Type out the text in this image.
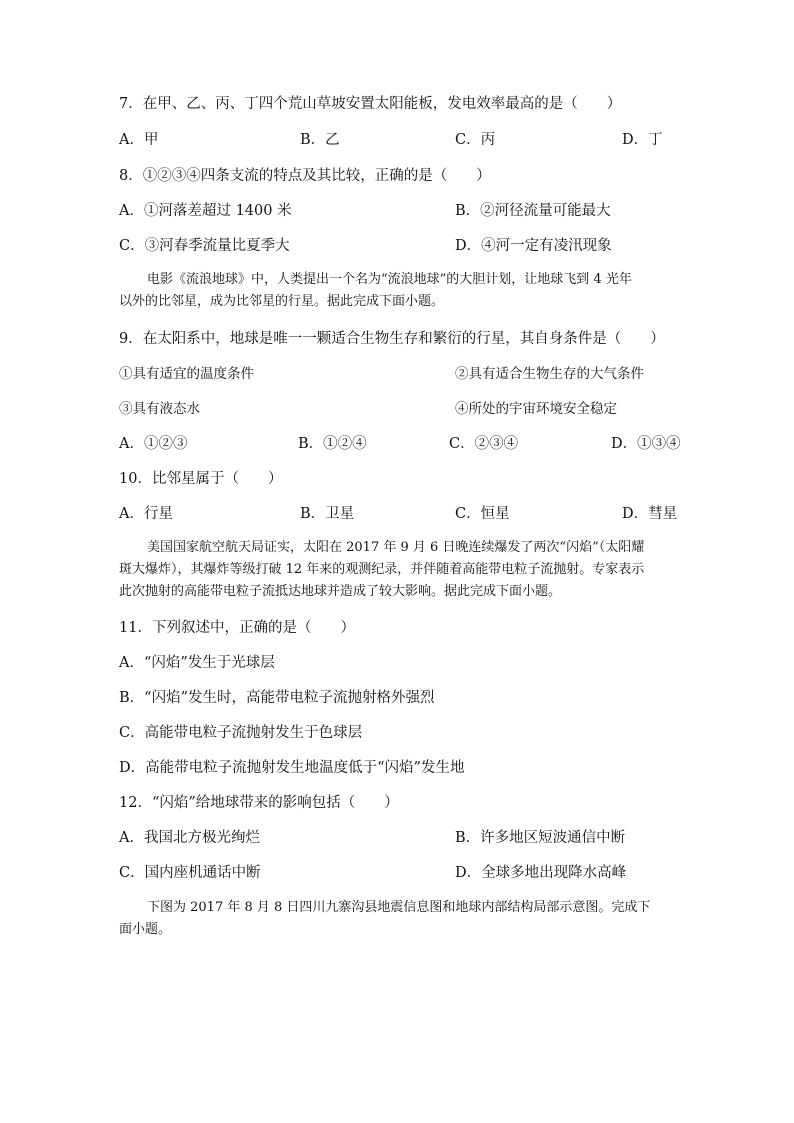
7．在甲、乙、丙、丁四个荒山草坡安置太阳能板，发电效率最高的是（　　）
A．甲	B．乙	C．丙	D．丁
8．①②③④四条支流的特点及其比较，正确的是（　　）
A．①河落差超过 1400 米	B．②河径流量可能最大
C．③河春季流量比夏季大	D．④河一定有凌汛现象

电影《流浪地球》中，人类提出一个名为“流浪地球”的大胆计划，让地球飞到 4 光年

以外的比邻星，成为比邻星的行星。据此完成下面小题。
9．在太阳系中，地球是唯一一颗适合生物生存和繁衍的行星，其自身条件是（　　）
①具有适宜的温度条件	②具有适合生物生存的大气条件
③具有液态水	④所处的宇宙环境安全稳定
A．①②③	B．①②④	C．②③④	D．①③④
10．比邻星属于（　　）
A．行星	B．卫星	C．恒星	D．彗星

美国国家航空航天局证实，太阳在 2017 年 9 月 6 日晚连续爆发了两次“闪焰”（太阳耀

斑大爆炸），其爆炸等级打破 12 年来的观测纪录，并伴随着高能带电粒子流抛射。专家表示
此次抛射的高能带电粒子流抵达地球并造成了较大影响。据此完成下面小题。
11．下列叙述中，正确的是（　　）
A．“闪焰”发生于光球层
B．“闪焰”发生时，高能带电粒子流抛射格外强烈
C．高能带电粒子流抛射发生于色球层
D．高能带电粒子流抛射发生地温度低于“闪焰”发生地
12．“闪焰”给地球带来的影响包括（　　）
A．我国北方极光绚烂	B．许多地区短波通信中断
C．国内座机通话中断	D．全球多地出现降水高峰

下图为 2017 年 8 月 8 日四川九寨沟县地震信息图和地球内部结构局部示意图。完成下

面小题。
